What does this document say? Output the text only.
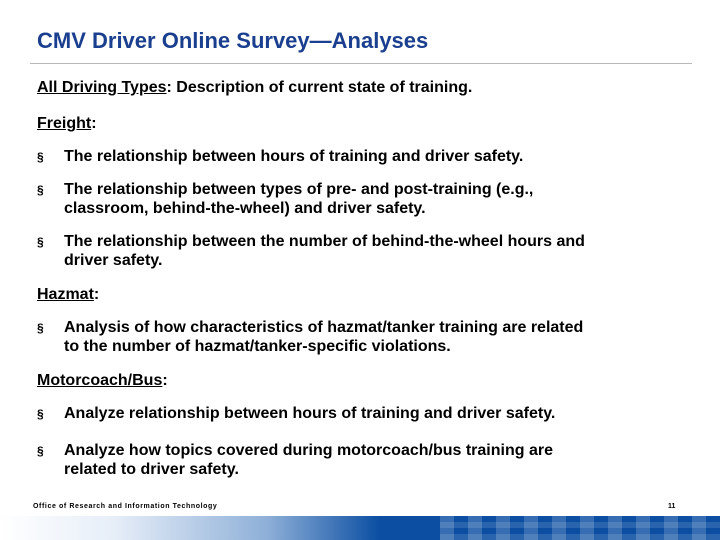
CMV Driver Online Survey—Analyses
All Driving Types: Description of current state of training.
Freight:
§ The relationship between hours of training and driver safety.
§ The relationship between types of pre- and post-training (e.g.,
classroom, behind-the-wheel) and driver safety.
§ The relationship between the number of behind-the-wheel hours and
driver safety.
Hazmat:
§ Analysis of how characteristics of hazmat/tanker training are related
to the number of hazmat/tanker-specific violations.
Motorcoach/Bus:
§ Analyze relationship between hours of training and driver safety.
§ Analyze how topics covered during motorcoach/bus training are
related to driver safety.
Office of Research and Information Technology	11
